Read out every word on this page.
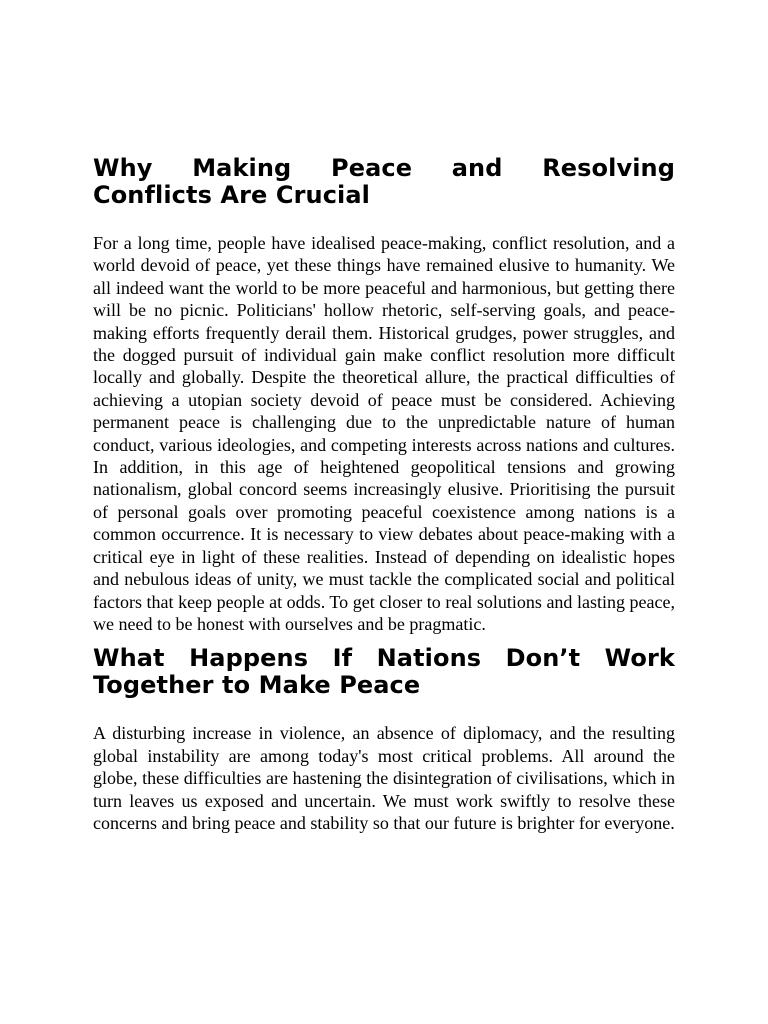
Why Making Peace and Resolving Conflicts Are Crucial

For a long time, people have idealised peace-making, conflict resolution, and a world devoid of peace, yet these things have remained elusive to humanity. We all indeed want the world to be more peaceful and harmonious, but getting there will be no picnic. Politicians' hollow rhetoric, self-serving goals, and peace-making efforts frequently derail them. Historical grudges, power struggles, and the dogged pursuit of individual gain make conflict resolution more difficult locally and globally. Despite the theoretical allure, the practical difficulties of achieving a utopian society devoid of peace must be considered. Achieving permanent peace is challenging due to the unpredictable nature of human conduct, various ideologies, and competing interests across nations and cultures. In addition, in this age of heightened geopolitical tensions and growing nationalism, global concord seems increasingly elusive. Prioritising the pursuit of personal goals over promoting peaceful coexistence among nations is a common occurrence. It is necessary to view debates about peace-making with a critical eye in light of these realities. Instead of depending on idealistic hopes and nebulous ideas of unity, we must tackle the complicated social and political factors that keep people at odds. To get closer to real solutions and lasting peace, we need to be honest with ourselves and be pragmatic.

What Happens If Nations Don’t Work Together to Make Peace

A disturbing increase in violence, an absence of diplomacy, and the resulting global instability are among today's most critical problems. All around the globe, these difficulties are hastening the disintegration of civilisations, which in turn leaves us exposed and uncertain. We must work swiftly to resolve these concerns and bring peace and stability so that our future is brighter for everyone.
